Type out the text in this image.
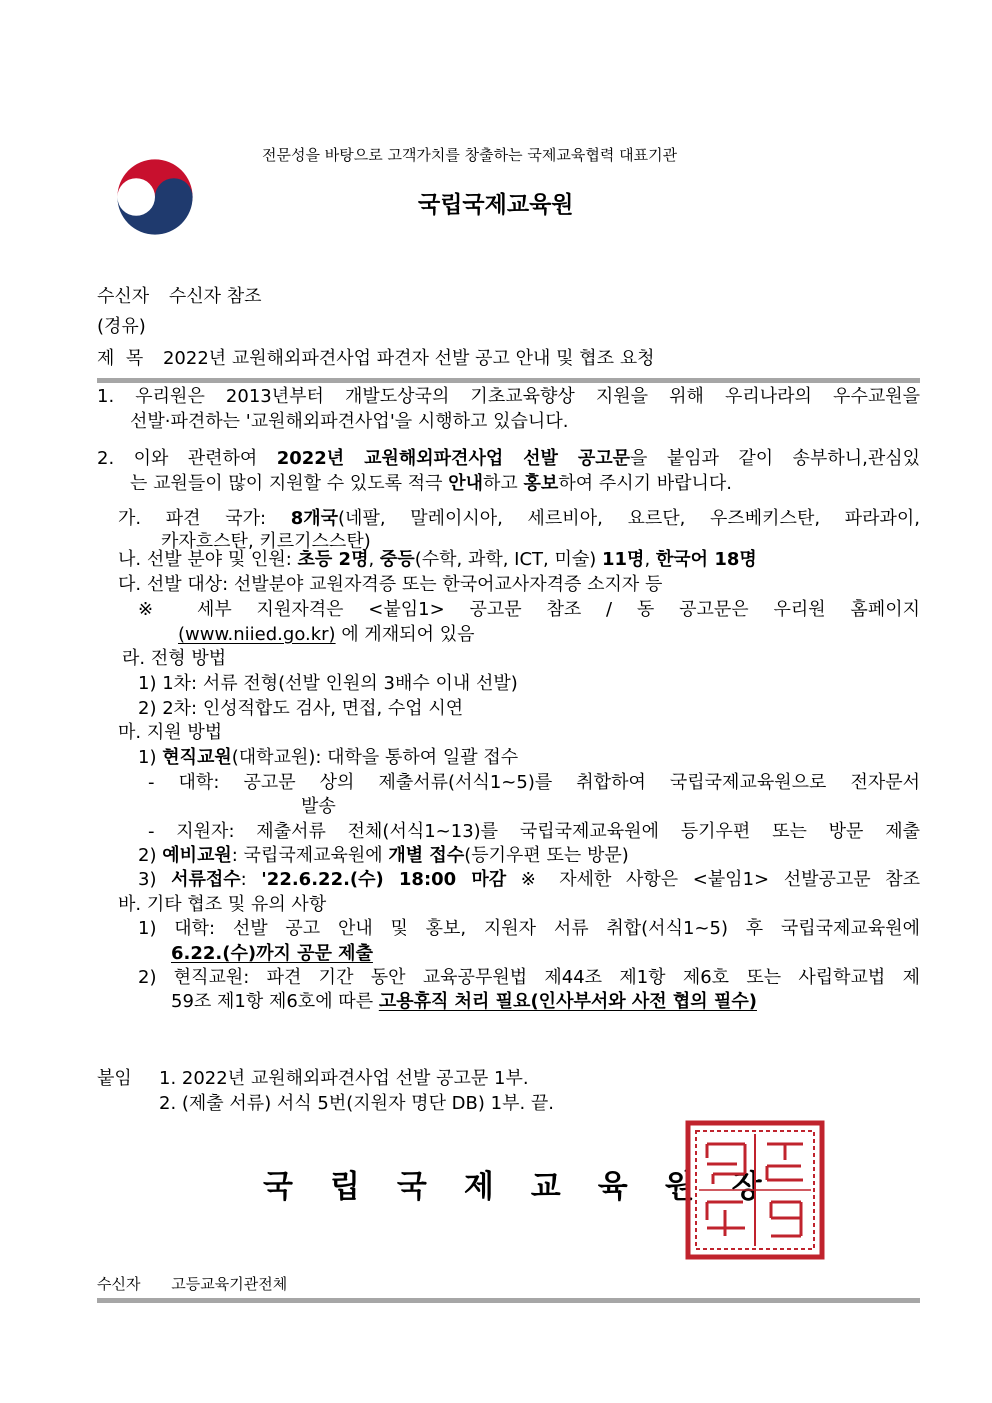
전문성을 바탕으로 고객가치를 창출하는 국제교육협력 대표기관
국립국제교육원
수신자 수신자 참조
(경유)
제  목 2022년 교원해외파견사업 파견자 선발 공고 안내 및 협조 요청
1. 우리원은 2013년부터 개발도상국의 기초교육향상 지원을 위해 우리나라의 우수교원을
선발·파견하는 '교원해외파견사업'을 시행하고 있습니다.
2. 이와 관련하여 2022년 교원해외파견사업 선발 공고문을 붙임과 같이 송부하니,관심있
는 교원들이 많이 지원할 수 있도록 적극 안내하고 홍보하여 주시기 바랍니다.
가. 파견 국가: 8개국(네팔, 말레이시아, 세르비아, 요르단, 우즈베키스탄, 파라과이,
카자흐스탄, 키르기스스탄)
나. 선발 분야 및 인원: 초등 2명, 중등(수학, 과학, ICT, 미술) 11명, 한국어 18명
다. 선발 대상: 선발분야 교원자격증 또는 한국어교사자격증 소지자 등
※ 세부 지원자격은 <붙임1> 공고문 참조 / 동 공고문은 우리원 홈페이지
(www.niied.go.kr) 에 게재되어 있음
라. 전형 방법
1) 1차: 서류 전형(선발 인원의 3배수 이내 선발)
2) 2차: 인성적합도 검사, 면접, 수업 시연
마. 지원 방법
1) 현직교원(대학교원): 대학을 통하여 일괄 접수
- 대학: 공고문 상의 제출서류(서식1~5)를 취합하여 국립국제교육원으로 전자문서
발송
- 지원자: 제출서류 전체(서식1~13)를 국립국제교육원에 등기우편 또는 방문 제출
2) 예비교원: 국립국제교육원에 개별 접수(등기우편 또는 방문)
3) 서류접수: '22.6.22.(수) 18:00 마감 ※ 자세한 사항은 <붙임1> 선발공고문 참조
바. 기타 협조 및 유의 사항
1) 대학: 선발 공고 안내 및 홍보, 지원자 서류 취합(서식1~5) 후 국립국제교육원에
6.22.(수)까지 공문 제출
2) 현직교원: 파견 기간 동안 교육공무원법 제44조 제1항 제6호 또는 사립학교법 제
59조 제1항 제6호에 따른 고용휴직 처리 필요(인사부서와 사전 협의 필수)
붙임 1. 2022년 교원해외파견사업 선발 공고문 1부.
2. (제출 서류) 서식 5번(지원자 명단 DB) 1부. 끝.
국립국제교육원장
수신자 고등교육기관전체
